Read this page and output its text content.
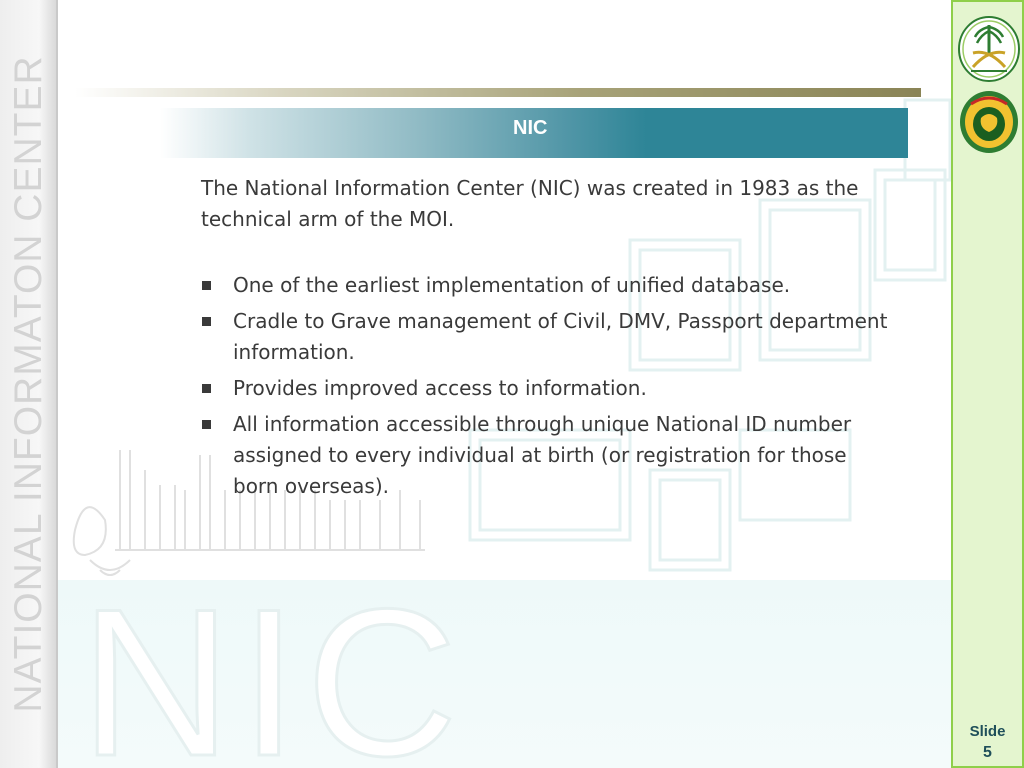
NATIONAL INFORMATON CENTER NIC
NIC

The National Information Center (NIC) was created in 1983 as the technical arm of the MOI.

One of the earliest implementation of unified database.
Cradle to Grave management of Civil, DMV, Passport department information.
Provides improved access to information.
All information accessible through unique National ID number assigned to every individual at birth (or registration for those born overseas).
Slide
5
